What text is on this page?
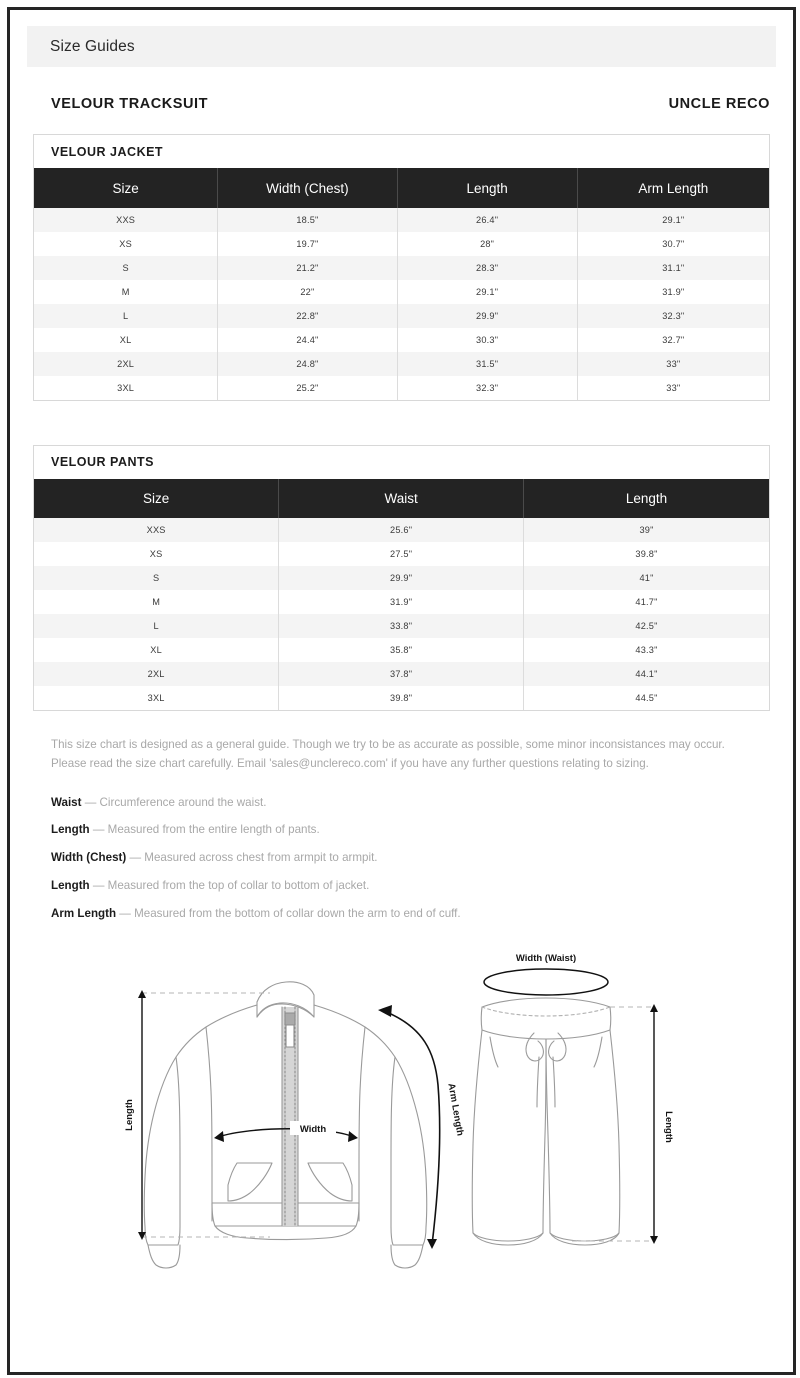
Size Guides
VELOUR TRACKSUIT	UNCLE RECO
VELOUR JACKET
Size	Width (Chest)	Length	Arm Length
XXS	18.5"	26.4"	29.1"
XS	19.7"	28"	30.7"
S	21.2"	28.3"	31.1"
M	22"	29.1"	31.9"
L	22.8"	29.9"	32.3"
XL	24.4"	30.3"	32.7"
2XL	24.8"	31.5"	33"
3XL	25.2"	32.3"	33"
VELOUR PANTS
Size	Waist	Length
XXS	25.6"	39"
XS	27.5"	39.8"
S	29.9"	41"
M	31.9"	41.7"
L	33.8"	42.5"
XL	35.8"	43.3"
2XL	37.8"	44.1"
3XL	39.8"	44.5"

This size chart is designed as a general guide. Though we try to be as accurate as possible, some minor inconsistances may occur. Please read the size chart carefully. Email 'sales@unclereco.com' if you have any further questions relating to sizing.

Waist — Circumference around the waist.
Length — Measured from the entire length of pants.
Width (Chest) — Measured across chest from armpit to armpit.
Length — Measured from the top of collar to bottom of jacket.
Arm Length — Measured from the bottom of collar down the arm to end of cuff.
Length	Width	Arm Length
Width (Waist)
Length
